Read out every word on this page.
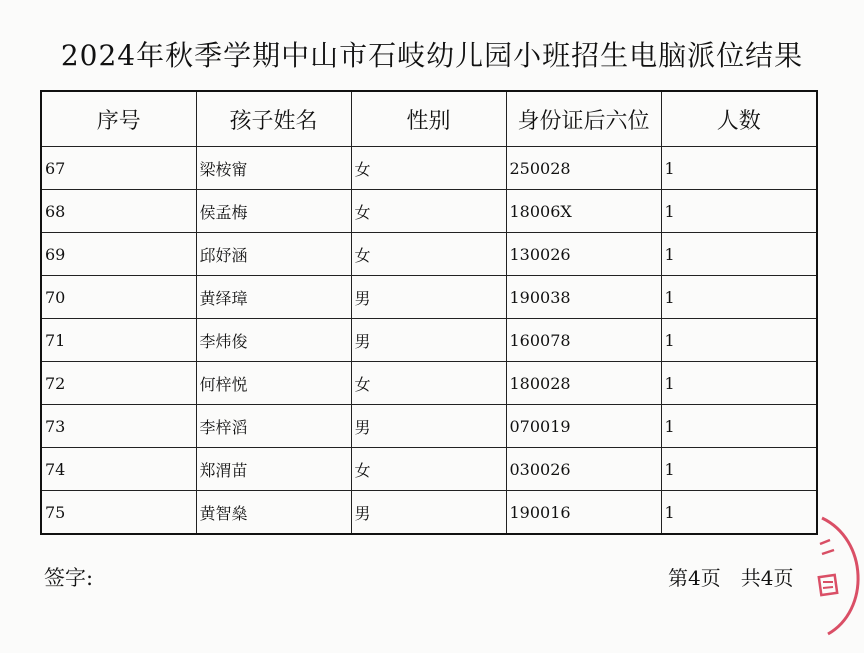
2024年秋季学期中山市石岐幼儿园小班招生电脑派位结果
序号	孩子姓名	性别	身份证后六位	人数
67	梁桉甯	女	250028	1
68	侯孟梅	女	18006X	1
69	邱妤涵	女	130026	1
70	黄绎璋	男	190038	1
71	李炜俊	男	160078	1
72	何梓悦	女	180028	1
73	李梓滔	男	070019	1
74	郑渭苗	女	030026	1
75	黄智燊	男	190016	1
签字:	第4页 共4页
